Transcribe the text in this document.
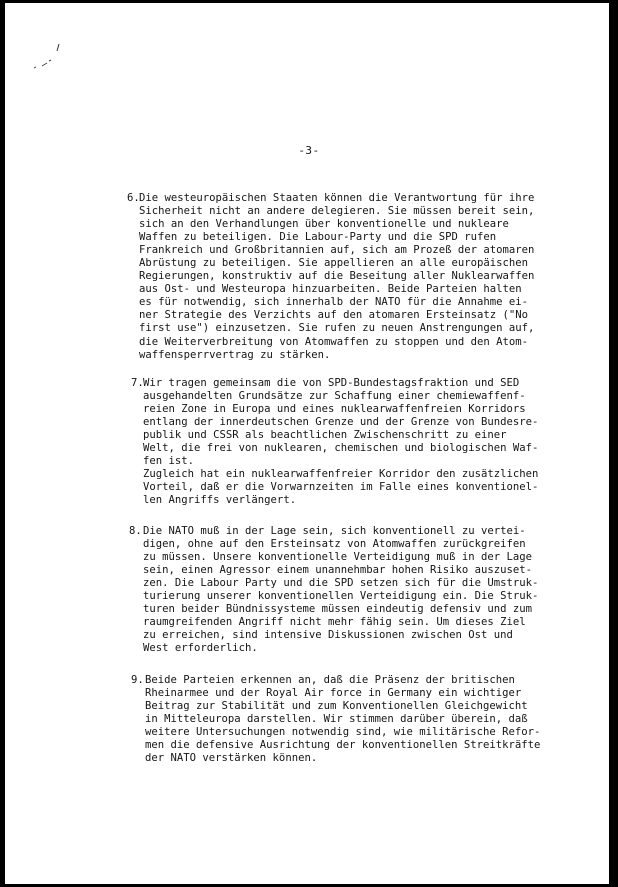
-3-
6. Die westeuropäischen Staaten können die Verantwortung für ihre
Sicherheit nicht an andere delegieren. Sie müssen bereit sein,
sich an den Verhandlungen über konventionelle und nukleare
Waffen zu beteiligen. Die Labour-Party und die SPD rufen
Frankreich und Großbritannien auf, sich am Prozeß der atomaren
Abrüstung zu beteiligen. Sie appellieren an alle europäischen
Regierungen, konstruktiv auf die Beseitung aller Nuklearwaffen
aus Ost- und Westeuropa hinzuarbeiten. Beide Parteien halten
es für notwendig, sich innerhalb der NATO für die Annahme ei-
ner Strategie des Verzichts auf den atomaren Ersteinsatz ("No
first use") einzusetzen. Sie rufen zu neuen Anstrengungen auf,
die Weiterverbreitung von Atomwaffen zu stoppen und den Atom-
waffensperrvertrag zu stärken.
7. Wir tragen gemeinsam die von SPD-Bundestagsfraktion und SED
ausgehandelten Grundsätze zur Schaffung einer chemiewaffenf-
reien Zone in Europa und eines nuklearwaffenfreien Korridors
entlang der innerdeutschen Grenze und der Grenze von Bundesre-
publik und CSSR als beachtlichen Zwischenschritt zu einer
Welt, die frei von nuklearen, chemischen und biologischen Waf-
fen ist.
Zugleich hat ein nuklearwaffenfreier Korridor den zusätzlichen
Vorteil, daß er die Vorwarnzeiten im Falle eines konventionel-
len Angriffs verlängert.
8. Die NATO muß in der Lage sein, sich konventionell zu vertei-
digen, ohne auf den Ersteinsatz von Atomwaffen zurückgreifen
zu müssen. Unsere konventionelle Verteidigung muß in der Lage
sein, einen Agressor einem unannehmbar hohen Risiko auszuset-
zen. Die Labour Party und die SPD setzen sich für die Umstruk-
turierung unserer konventionellen Verteidigung ein. Die Struk-
turen beider Bündnissysteme müssen eindeutig defensiv und zum
raumgreifenden Angriff nicht mehr fähig sein. Um dieses Ziel
zu erreichen, sind intensive Diskussionen zwischen Ost und
West erforderlich.
9. Beide Parteien erkennen an, daß die Präsenz der britischen
Rheinarmee und der Royal Air force in Germany ein wichtiger
Beitrag zur Stabilität und zum Konventionellen Gleichgewicht
in Mitteleuropa darstellen. Wir stimmen darüber überein, daß
weitere Untersuchungen notwendig sind, wie militärische Refor-
men die defensive Ausrichtung der konventionellen Streitkräfte
der NATO verstärken können.
